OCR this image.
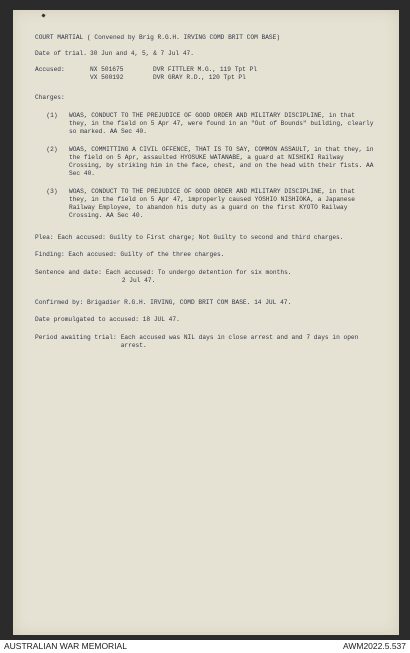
COURT MARTIAL ( Convened by Brig R.G.H. IRVING COMD BRIT COM BASE)
Date of trial. 30 Jun and 4, 5, & 7 Jul 47.
Accused:	NX 501675	DVR FITTLER M.G., 119 Tpt Pl
VX 500192	DVR GRAY R.D., 120 Tpt Pl
Charges:
(1)	WOAS, CONDUCT TO THE PREJUDICE OF GOOD ORDER AND MILITARY DISCIPLINE, in that they, in the field on 5 Apr 47, were found in an "Out of Bounds" building, clearly so marked. AA Sec 40.
(2)	WOAS, COMMITTING A CIVIL OFFENCE, THAT IS TO SAY, COMMON ASSAULT, in that they, in the field on 5 Apr, assaulted HYOSUKE WATANABE, a guard at NISHIKI Railway Crossing, by striking him in the face, chest, and on the head with their fists. AA Sec 40.
(3)	WOAS, CONDUCT TO THE PREJUDICE OF GOOD ORDER AND MILITARY DISCIPLINE, in that they, in the field on 5 Apr 47, improperly caused YOSHIO NISHIOKA, a Japanese Railway Employee, to abandon his duty as a guard on the first KYOTO Railway Crossing. AA Sec 40.
Plea: Each accused: Guilty to First charge; Not Guilty to second and third charges.
Finding: Each accused: Guilty of the three charges.
Sentence and date: Each accused: To undergo detention for six months.
2 Jul 47.
Confirmed by: Brigadier R.G.H. IRVING, COMD BRIT COM BASE. 14 JUL 47.
Date promulgated to accused: 18 JUL 47.
Period awaiting trial: Each accused was NIL days in close arrest and and 7 days in open arrest.
AUSTRALIAN WAR MEMORIAL	AWM2022.5.537
